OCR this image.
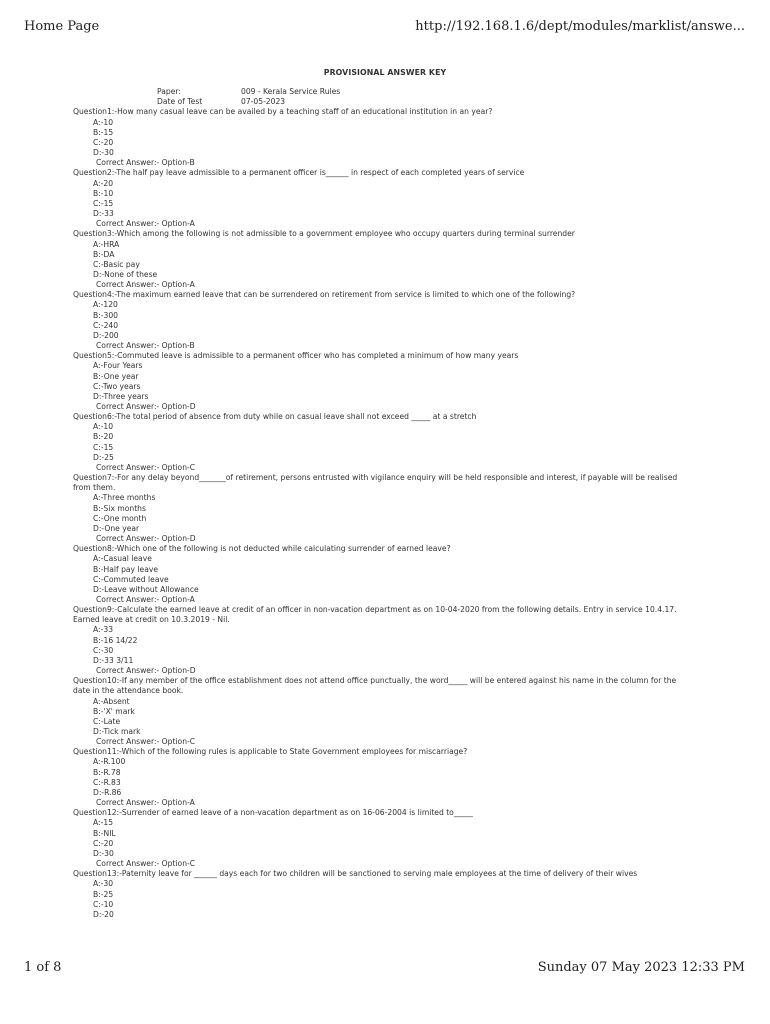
Home Page	http://192.168.1.6/dept/modules/marklist/answe...
PROVISIONAL ANSWER KEY
Paper:	009 - Kerala Service Rules
Date of Test	07-05-2023
Question1:-How many casual leave can be availed by a teaching staff of an educational institution in an year?
A:-10
B:-15
C:-20
D:-30
Correct Answer:- Option-B
Question2:-The half pay leave admissible to a permanent officer is______ in respect of each completed years of service
A:-20
B:-10
C:-15
D:-33
Correct Answer:- Option-A
Question3:-Which among the following is not admissible to a government employee who occupy quarters during terminal surrender
A:-HRA
B:-DA
C:-Basic pay
D:-None of these
Correct Answer:- Option-A
Question4:-The maximum earned leave that can be surrendered on retirement from service is limited to which one of the following?
A:-120
B:-300
C:-240
D:-200
Correct Answer:- Option-B
Question5:-Commuted leave is admissible to a permanent officer who has completed a minimum of how many years
A:-Four Years
B:-One year
C:-Two years
D:-Three years
Correct Answer:- Option-D
Question6:-The total period of absence from duty while on casual leave shall not exceed _____ at a stretch
A:-10
B:-20
C:-15
D:-25
Correct Answer:- Option-C
Question7:-For any delay beyond_______of retirement, persons entrusted with vigilance enquiry will be held responsible and interest, if payable will be realised from them.
A:-Three months
B:-Six months
C:-One month
D:-One year
Correct Answer:- Option-D
Question8:-Which one of the following is not deducted while calculating surrender of earned leave?
A:-Casual leave
B:-Half pay leave
C:-Commuted leave
D:-Leave without Allowance
Correct Answer:- Option-A
Question9:-Calculate the earned leave at credit of an officer in non-vacation department as on 10-04-2020 from the following details. Entry in service 10.4.17. Earned leave at credit on 10.3.2019 - Nil.
A:-33
B:-16 14/22
C:-30
D:-33 3/11
Correct Answer:- Option-D
Question10:-If any member of the office establishment does not attend office punctually, the word_____ will be entered against his name in the column for the date in the attendance book.
A:-Absent
B:-'X' mark
C:-Late
D:-Tick mark
Correct Answer:- Option-C
Question11:-Which of the following rules is applicable to State Government employees for miscarriage?
A:-R.100
B:-R.78
C:-R.83
D:-R.86
Correct Answer:- Option-A
Question12:-Surrender of earned leave of a non-vacation department as on 16-06-2004 is limited to_____
A:-15
B:-NIL
C:-20
D:-30
Correct Answer:- Option-C
Question13:-Paternity leave for ______ days each for two children will be sanctioned to serving male employees at the time of delivery of their wives
A:-30
B:-25
C:-10
D:-20
1 of 8	Sunday 07 May 2023 12:33 PM
